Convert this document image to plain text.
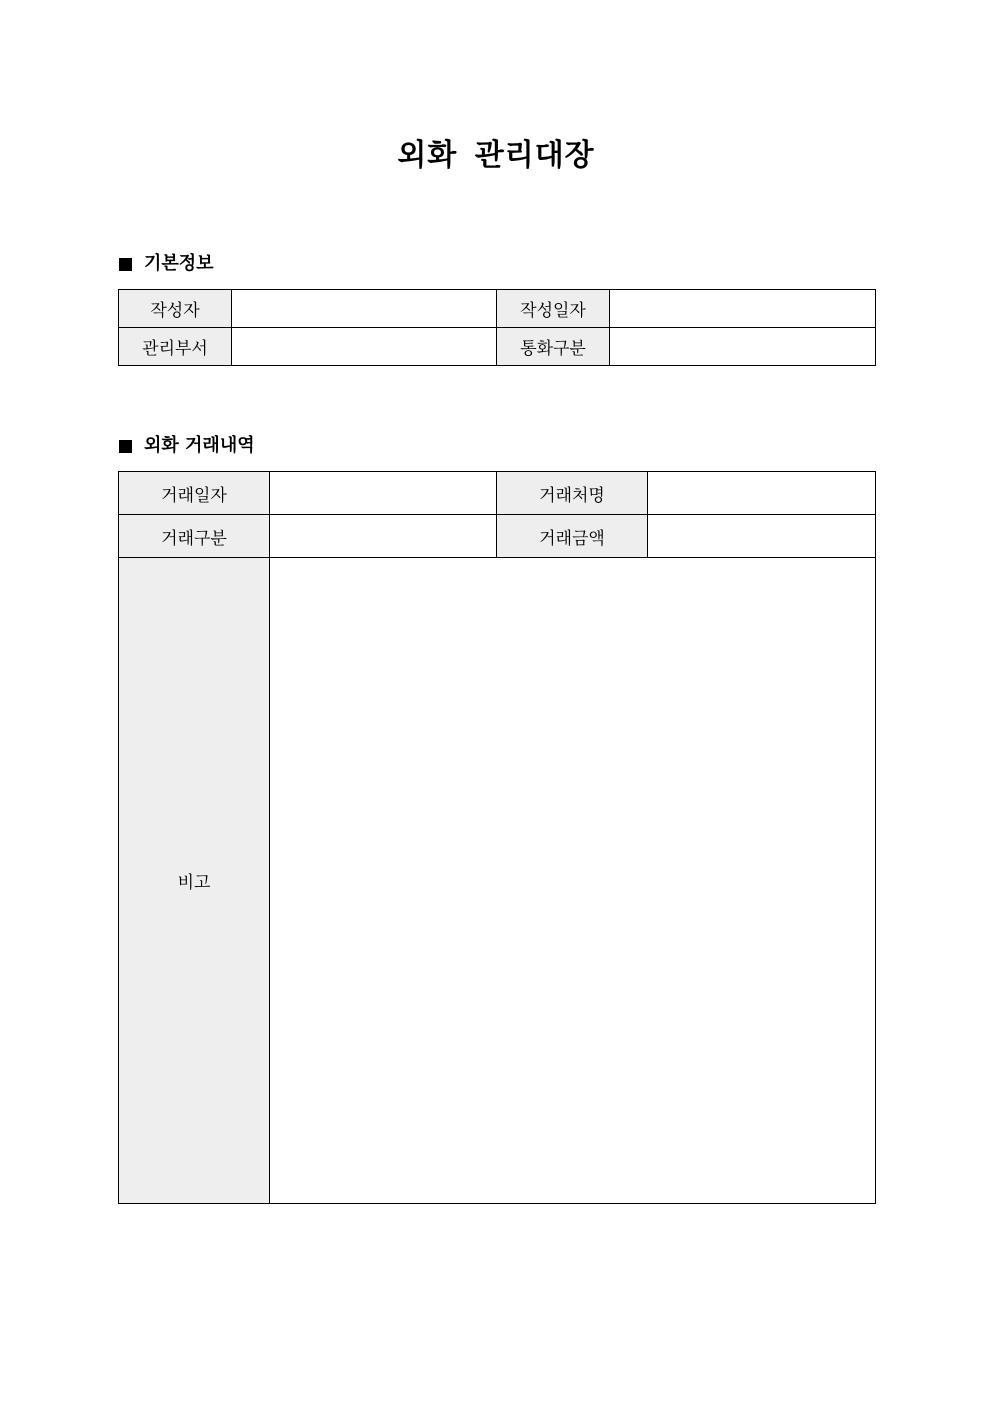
외화 관리대장
기본정보
작성자		작성일자	
관리부서		통화구분	
외화 거래내역
거래일자		거래처명	
거래구분		거래금액	
비고			
